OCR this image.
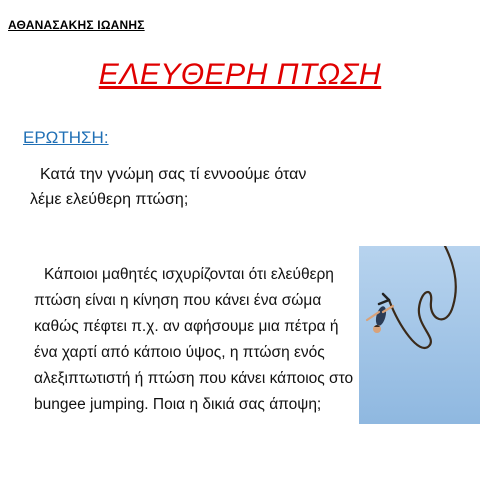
ΑΘΑΝΑΣΑΚΗΣ ΙΩΑΝΗΣ
ΕΛΕΥΘΕΡΗ ΠΤΩΣΗ
ΕΡΩΤΗΣΗ:
Κατά την γνώμη σας τί εννοούμε όταν
λέμε ελεύθερη πτώση;
Κάποιοι μαθητές ισχυρίζονται ότι ελεύθερη
πτώση είναι η κίνηση που κάνει ένα σώμα
καθώς πέφτει π.χ. αν αφήσουμε μια πέτρα ή
ένα χαρτί από κάποιο ύψος, η πτώση ενός
αλεξιπτωτιστή ή πτώση που κάνει κάποιος στο
bungee jumping. Ποια η δικιά σας άποψη;
